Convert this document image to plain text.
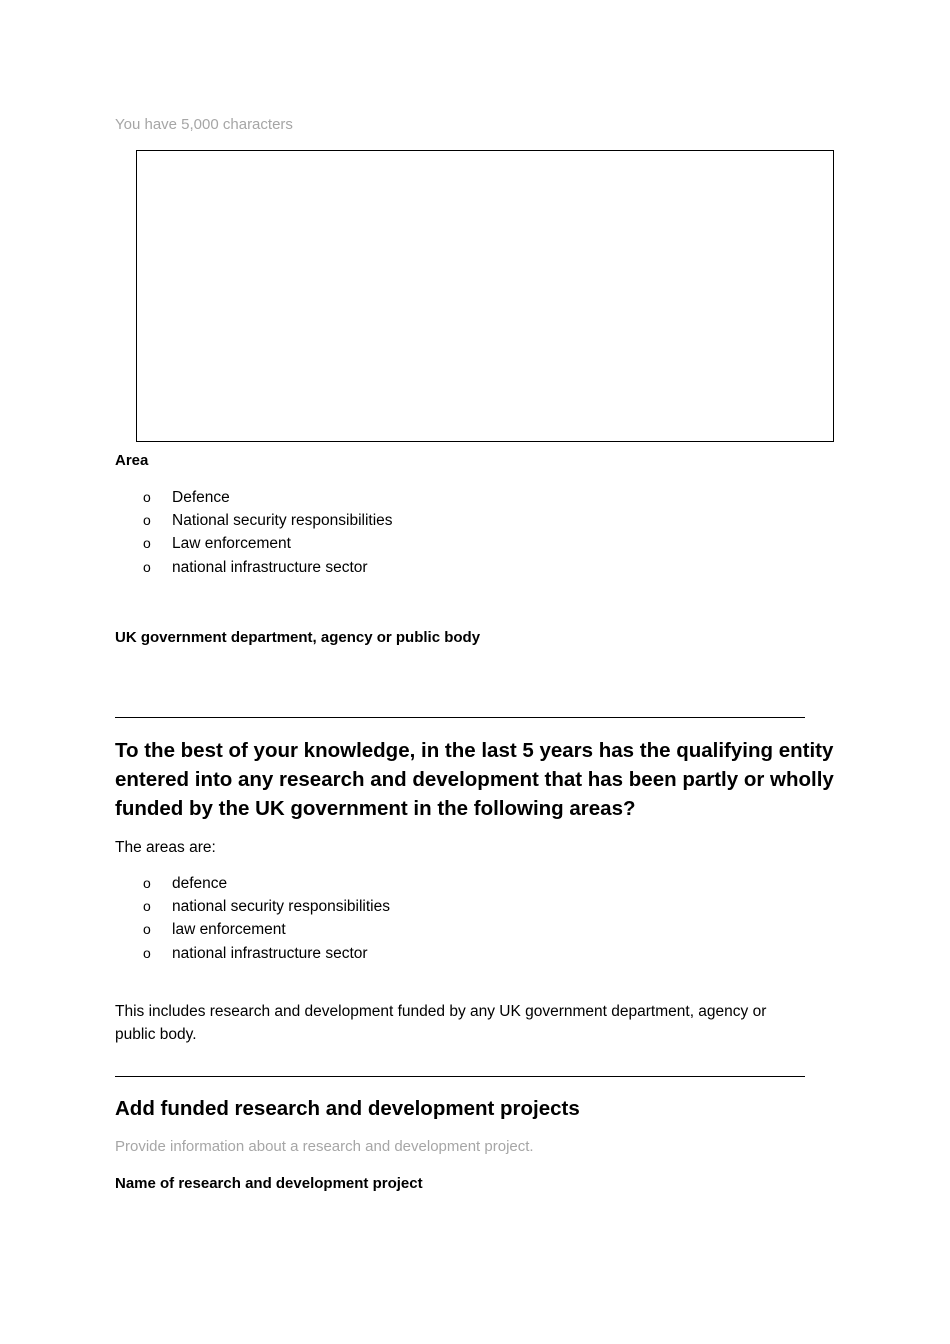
You have 5,000 characters
Area
o Defence
o National security responsibilities
o Law enforcement
o national infrastructure sector
UK government department, agency or public body
To the best of your knowledge, in the last 5 years has the qualifying entity
entered into any research and development that has been partly or wholly
funded by the UK government in the following areas?
The areas are:
o defence
o national security responsibilities
o law enforcement
o national infrastructure sector
This includes research and development funded by any UK government department, agency or
public body.
Add funded research and development projects
Provide information about a research and development project.
Name of research and development project
